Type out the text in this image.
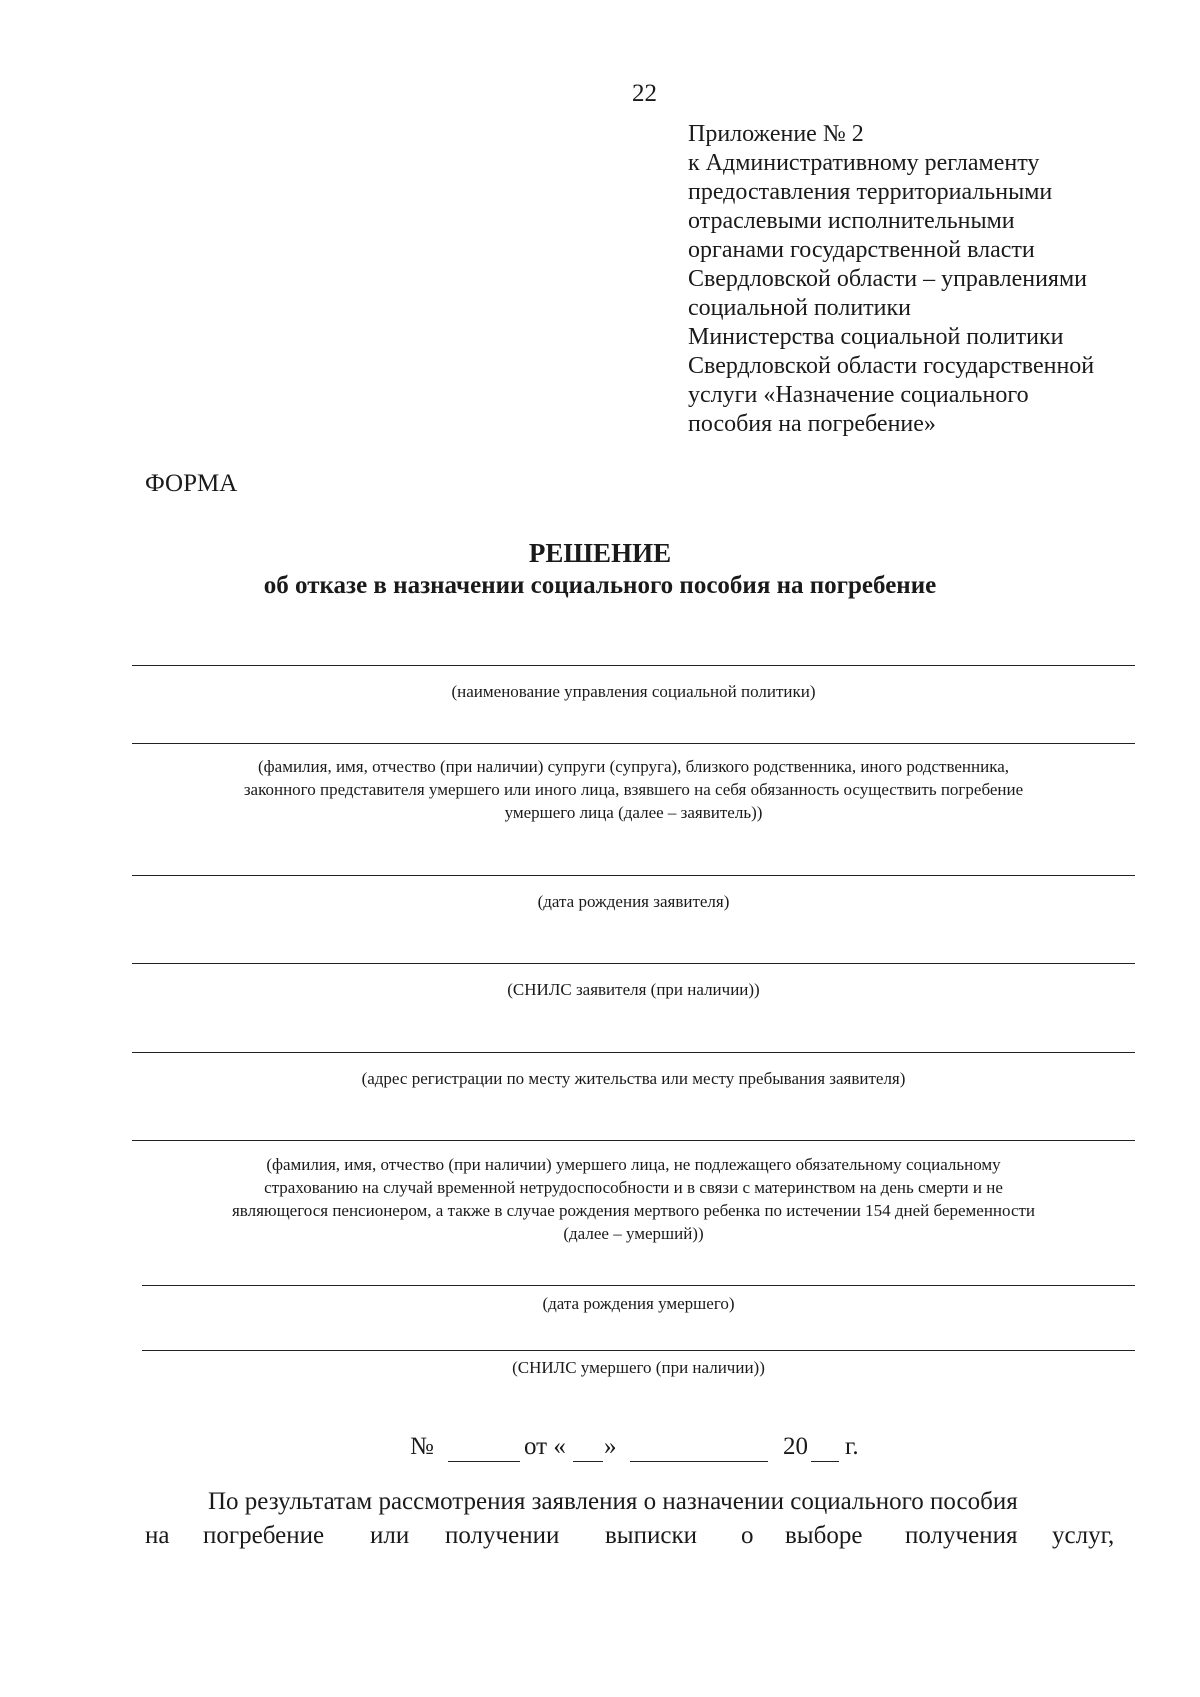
22
Приложение № 2
к Административному регламенту
предоставления территориальными
отраслевыми исполнительными
органами государственной власти
Свердловской области – управлениями
социальной политики
Министерства социальной политики
Свердловской области государственной
услуги «Назначение социального
пособия на погребение»
ФОРМА
РЕШЕНИЕ
об отказе в назначении социального пособия на погребение
(наименование управления социальной политики)
(фамилия, имя, отчество (при наличии) супруги (супруга), близкого родственника, иного родственника,
законного представителя умершего или иного лица, взявшего на себя обязанность осуществить погребение
умершего лица (далее – заявитель))
(дата рождения заявителя)
(СНИЛС заявителя (при наличии))
(адрес регистрации по месту жительства или месту пребывания заявителя)
(фамилия, имя, отчество (при наличии) умершего лица, не подлежащего обязательному социальному
страхованию на случай временной нетрудоспособности и в связи с материнством на день смерти и не
являющегося пенсионером, а также в случае рождения мертвого ребенка по истечении 154 дней беременности
(далее – умерший))
(дата рождения умершего)
(СНИЛС умершего (при наличии))
№	от « »	20 г.
По результатам рассмотрения заявления о назначении социального пособия
на погребение или получении выписки о выборе получения услуг,
